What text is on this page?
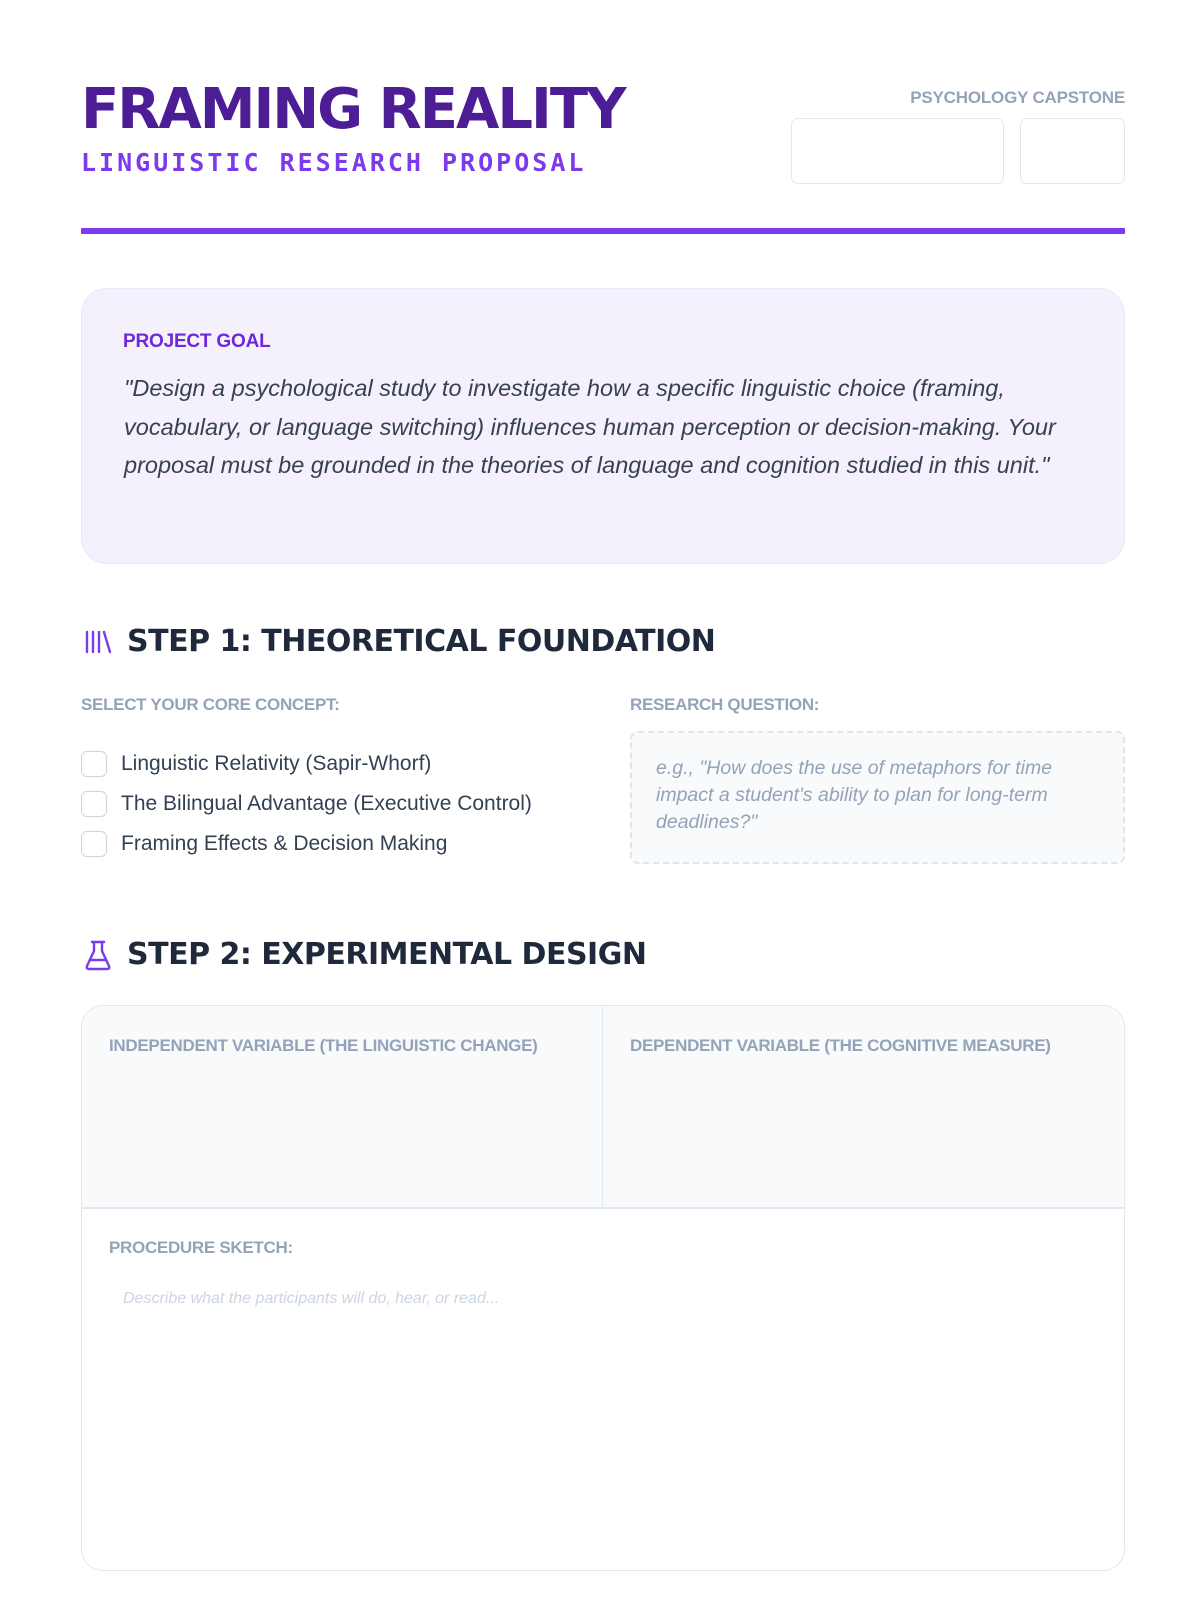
FRAMING REALITY
LINGUISTIC RESEARCH PROPOSAL
PSYCHOLOGY CAPSTONE
PROJECT GOAL
"Design a psychological study to investigate how a specific linguistic choice (framing, vocabulary, or language switching) influences human perception or decision-making. Your proposal must be grounded in the theories of language and cognition studied in this unit."
STEP 1: THEORETICAL FOUNDATION
SELECT YOUR CORE CONCEPT:	RESEARCH QUESTION:
Linguistic Relativity (Sapir-Whorf)
The Bilingual Advantage (Executive Control)
Framing Effects & Decision Making
e.g., "How does the use of metaphors for time impact a student's ability to plan for long-term deadlines?"
STEP 2: EXPERIMENTAL DESIGN
INDEPENDENT VARIABLE (THE LINGUISTIC CHANGE)	DEPENDENT VARIABLE (THE COGNITIVE MEASURE)
PROCEDURE SKETCH:
Describe what the participants will do, hear, or read...
